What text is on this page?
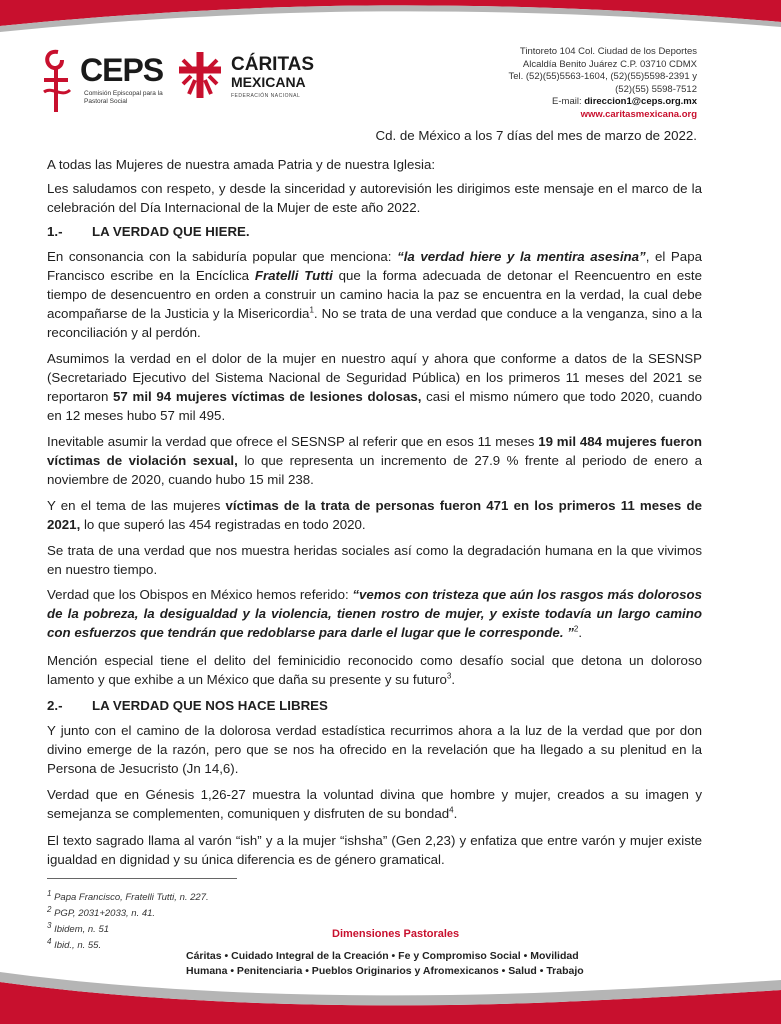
CEPS
Comisión Episcopal para la Pastoral Social
CÁRITAS
MEXICANA
FEDERACIÓN NACIONAL
Tintoreto 104 Col. Ciudad de los Deportes
Alcaldía Benito Juárez C.P. 03710 CDMX
Tel. (52)(55)5563-1604, (52)(55)5598-2391 y
(52)(55) 5598-7512
E-mail: direccion1@ceps.org.mx
www.caritasmexicana.org
Cd. de México a los 7 días del mes de marzo de 2022.

A todas las Mujeres de nuestra amada Patria y de nuestra Iglesia:

Les saludamos con respeto, y desde la sinceridad y autorevisión les dirigimos este mensaje en el marco de la celebración del Día Internacional de la Mujer de este año 2022.

1.- LA VERDAD QUE HIERE.

En consonancia con la sabiduría popular que menciona: “la verdad hiere y la mentira asesina”, el Papa Francisco escribe en la Encíclica Fratelli Tutti que la forma adecuada de detonar el Reencuentro en este tiempo de desencuentro en orden a construir un camino hacia la paz se encuentra en la verdad, la cual debe acompañarse de la Justicia y la Misericordia$^1$. No se trata de una verdad que conduce a la venganza, sino a la reconciliación y al perdón.

Asumimos la verdad en el dolor de la mujer en nuestro aquí y ahora que conforme a datos de la SESNSP (Secretariado Ejecutivo del Sistema Nacional de Seguridad Pública) en los primeros 11 meses del 2021 se reportaron 57 mil 94 mujeres víctimas de lesiones dolosas, casi el mismo número que todo 2020, cuando en 12 meses hubo 57 mil 495.

Inevitable asumir la verdad que ofrece el SESNSP al referir que en esos 11 meses 19 mil 484 mujeres fueron víctimas de violación sexual, lo que representa un incremento de 27.9 % frente al periodo de enero a noviembre de 2020, cuando hubo 15 mil 238.

Y en el tema de las mujeres víctimas de la trata de personas fueron 471 en los primeros 11 meses de 2021, lo que superó las 454 registradas en todo 2020.

Se trata de una verdad que nos muestra heridas sociales así como la degradación humana en la que vivimos en nuestro tiempo.

Verdad que los Obispos en México hemos referido: “vemos con tristeza que aún los rasgos más dolorosos de la pobreza, la desigualdad y la violencia, tienen rostro de mujer, y existe todavía un largo camino con esfuerzos que tendrán que redoblarse para darle el lugar que le corresponde. ”$^2$.

Mención especial tiene el delito del feminicidio reconocido como desafío social que detona un doloroso lamento y que exhibe a un México que daña su presente y su futuro$^3$.

2.- LA VERDAD QUE NOS HACE LIBRES

Y junto con el camino de la dolorosa verdad estadística recurrimos ahora a la luz de la verdad que por don divino emerge de la razón, pero que se nos ha ofrecido en la revelación que ha llegado a su plenitud en la Persona de Jesucristo (Jn 14,6).

Verdad que en Génesis 1,26-27 muestra la voluntad divina que hombre y mujer, creados a su imagen y semejanza se complementen, comuniquen y disfruten de su bondad$^4$.

El texto sagrado llama al varón “ish” y a la mujer “ishsha” (Gen 2,23) y enfatiza que entre varón y mujer existe igualdad en dignidad y su única diferencia es de género gramatical.

$^1$ Papa Francisco, Fratelli Tutti, n. 227.
$^2$ PGP, 2031+2033, n. 41.
$^3$ Ibidem, n. 51
$^4$ Ibid., n. 55.
Dimensiones Pastorales
Cáritas • Cuidado Integral de la Creación • Fe y Compromiso Social • Movilidad
Humana • Penitenciaria • Pueblos Originarios y Afromexicanos • Salud • Trabajo
